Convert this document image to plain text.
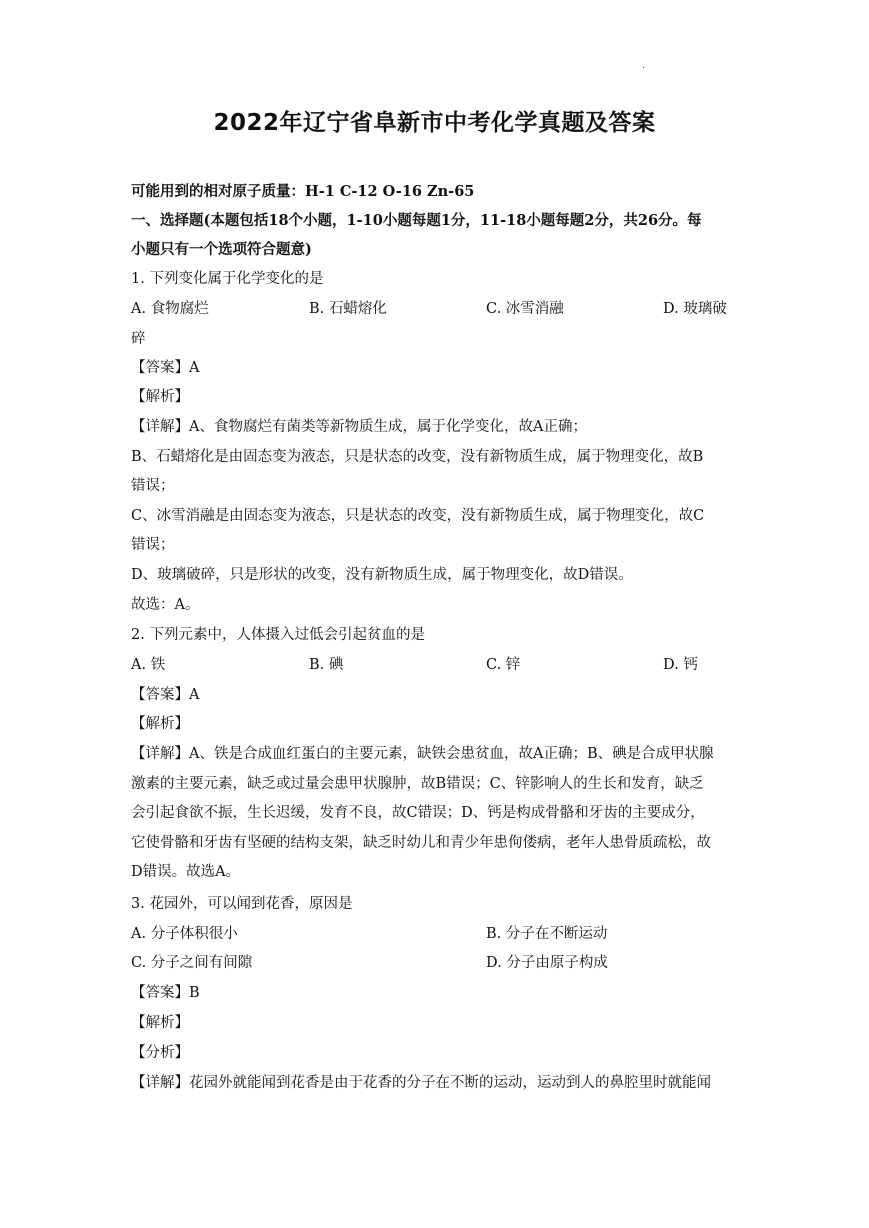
.
2022年辽宁省阜新市中考化学真题及答案
可能用到的相对原子质量：H-1 C-12 O-16 Zn-65
一、选择题(本题包括18个小题，1-10小题每题1分，11-18小题每题2分，共26分。每
小题只有一个选项符合题意)
1. 下列变化属于化学变化的是
A. 食物腐烂	B. 石蜡熔化	C. 冰雪消融	D. 玻璃破
碎
【答案】A
【解析】
【详解】A、食物腐烂有菌类等新物质生成，属于化学变化，故A正确；
B、石蜡熔化是由固态变为液态，只是状态的改变，没有新物质生成，属于物理变化，故B
错误；
C、冰雪消融是由固态变为液态，只是状态的改变，没有新物质生成，属于物理变化，故C
错误；
D、玻璃破碎，只是形状的改变，没有新物质生成，属于物理变化，故D错误。
故选：A。
2. 下列元素中，人体摄入过低会引起贫血的是
A. 铁	B. 碘	C. 锌	D. 钙
【答案】A
【解析】
【详解】A、铁是合成血红蛋白的主要元素，缺铁会患贫血，故A正确；B、碘是合成甲状腺
激素的主要元素，缺乏或过量会患甲状腺肿，故B错误；C、锌影响人的生长和发育，缺乏
会引起食欲不振，生长迟缓，发育不良，故C错误；D、钙是构成骨骼和牙齿的主要成分，
它使骨骼和牙齿有坚硬的结构支架，缺乏时幼儿和青少年患佝偻病，老年人患骨质疏松，故
D错误。故选A。
3. 花园外，可以闻到花香，原因是
A. 分子体积很小	B. 分子在不断运动
C. 分子之间有间隙	D. 分子由原子构成
【答案】B
【解析】
【分析】
【详解】花园外就能闻到花香是由于花香的分子在不断的运动，运动到人的鼻腔里时就能闻
